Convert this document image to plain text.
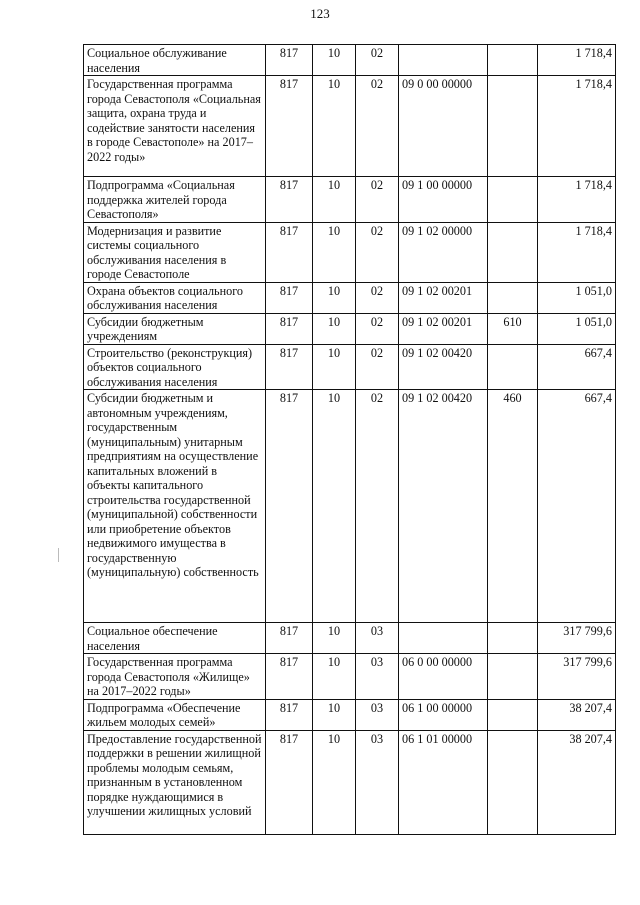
123
Социальное обслуживание населения	817	10	02			1 718,4
Государственная программа города Севастополя «Социальная защита, охрана труда и содействие занятости населения в городе Севастополе» на 2017–2022 годы»	817	10	02	09 0 00 00000		1 718,4
Подпрограмма «Социальная поддержка жителей города Севастополя»	817	10	02	09 1 00 00000		1 718,4
Модернизация и развитие системы социального обслуживания населения в городе Севастополе	817	10	02	09 1 02 00000		1 718,4
Охрана объектов социального обслуживания населения	817	10	02	09 1 02 00201		1 051,0
Субсидии бюджетным учреждениям	817	10	02	09 1 02 00201	610	1 051,0
Строительство (реконструкция) объектов социального обслуживания населения	817	10	02	09 1 02 00420		667,4
Субсидии бюджетным и автономным учреждениям, государственным (муниципальным) унитарным предприятиям на осуществление капитальных вложений в объекты капитального строительства государственной (муниципальной) собственности или приобретение объектов недвижимого имущества в государственную (муниципальную) собственность	817	10	02	09 1 02 00420	460	667,4
Социальное обеспечение населения	817	10	03			317 799,6
Государственная программа города Севастополя «Жилище» на 2017–2022 годы»	817	10	03	06 0 00 00000		317 799,6
Подпрограмма «Обеспечение жильем молодых семей»	817	10	03	06 1 00 00000		38 207,4
Предоставление государственной поддержки в решении жилищной проблемы молодым семьям, признанным в установленном порядке нуждающимися в улучшении жилищных условий	817	10	03	06 1 01 00000		38 207,4
